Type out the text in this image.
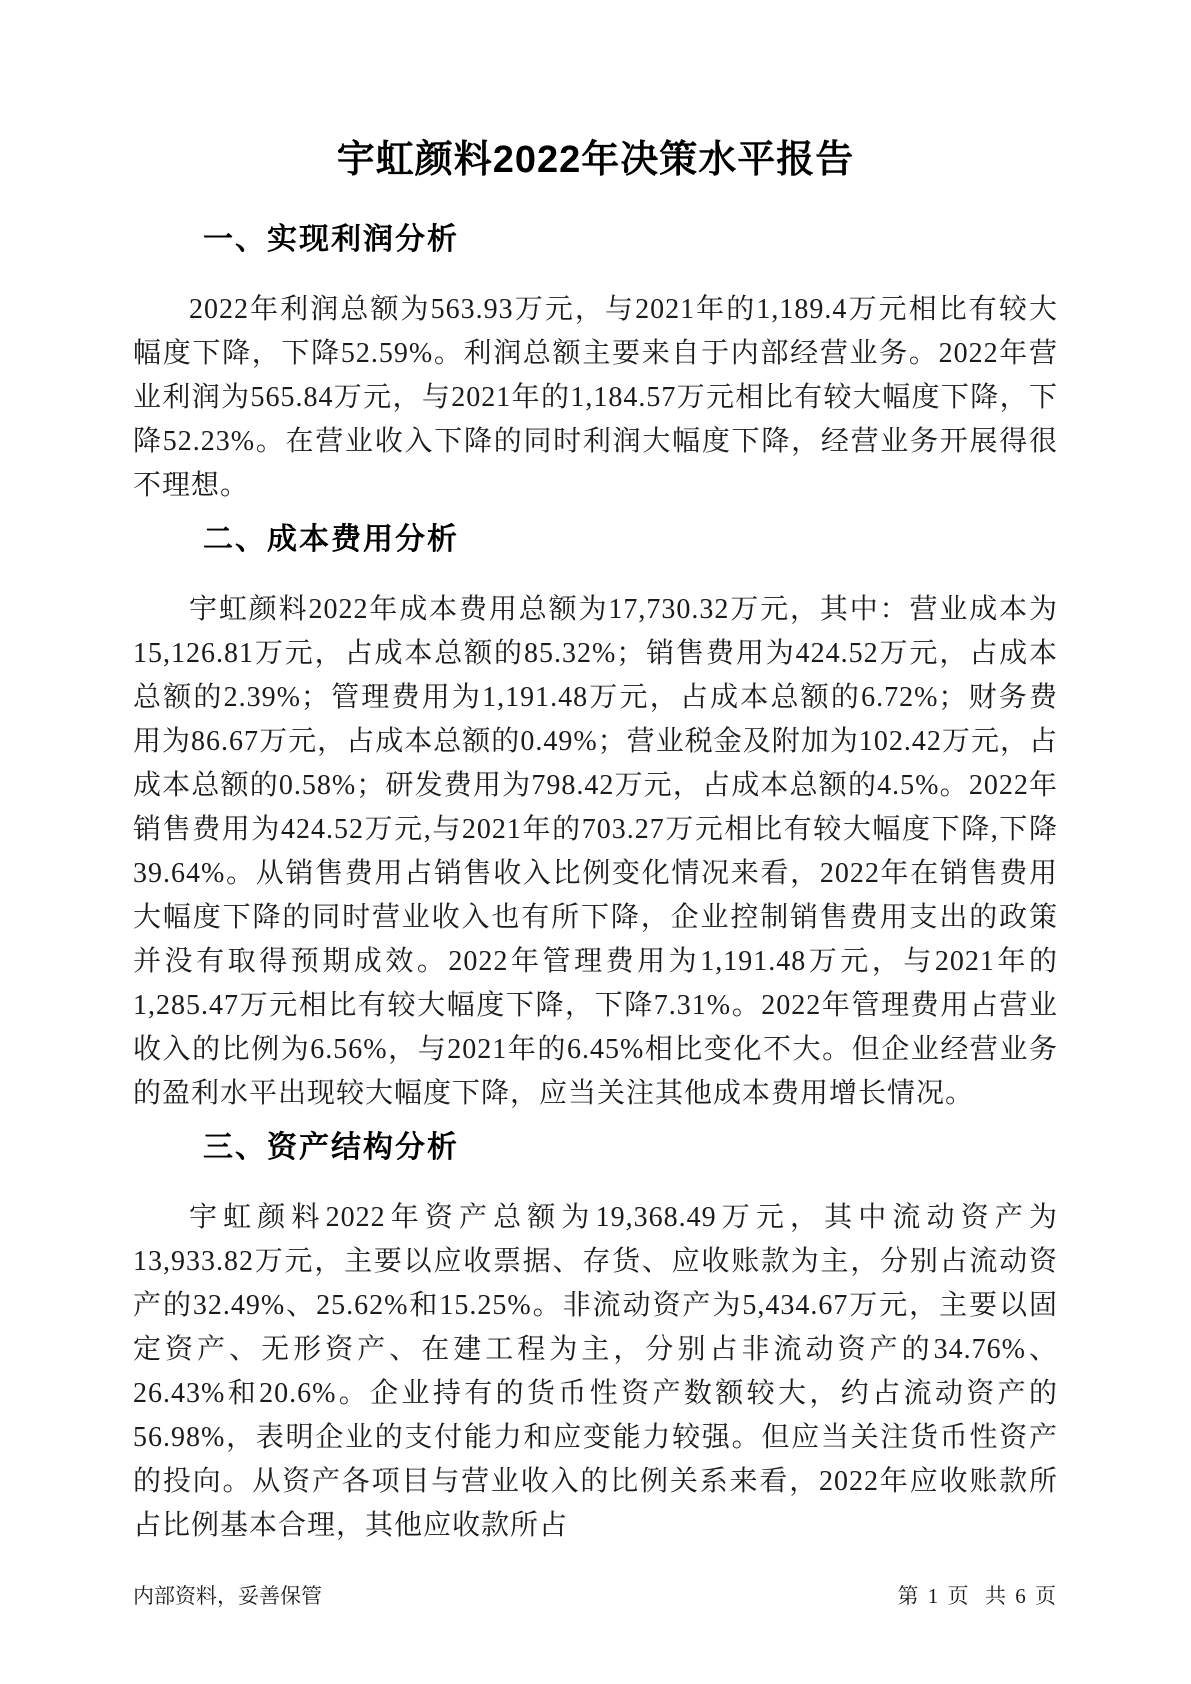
宇虹颜料2022年决策水平报告
一、实现利润分析

2022年利润总额为563.93万元，与2021年的1,189.4万元相比有较大幅度下降，下降52.59%。利润总额主要来自于内部经营业务。2022年营业利润为565.84万元，与2021年的1,184.57万元相比有较大幅度下降，下降52.23%。在营业收入下降的同时利润大幅度下降，经营业务开展得很不理想。

二、成本费用分析

宇虹颜料2022年成本费用总额为17,730.32万元，其中：营业成本为15,126.81万元，占成本总额的85.32%；销售费用为424.52万元，占成本总额的2.39%；管理费用为1,191.48万元，占成本总额的6.72%；财务费用为86.67万元，占成本总额的0.49%；营业税金及附加为102.42万元，占成本总额的0.58%；研发费用为798.42万元，占成本总额的4.5%。2022年销售费用为424.52万元,与2021年的703.27万元相比有较大幅度下降,下降39.64%。从销售费用占销售收入比例变化情况来看，2022年在销售费用大幅度下降的同时营业收入也有所下降，企业控制销售费用支出的政策并没有取得预期成效。2022年管理费用为1,191.48万元，与2021年的1,285.47万元相比有较大幅度下降，下降7.31%。2022年管理费用占营业收入的比例为6.56%，与2021年的6.45%相比变化不大。但企业经营业务的盈利水平出现较大幅度下降，应当关注其他成本费用增长情况。

三、资产结构分析

宇虹颜料2022年资产总额为19,368.49万元，其中流动资产为13,933.82万元，主要以应收票据、存货、应收账款为主，分别占流动资产的32.49%、25.62%和15.25%。非流动资产为5,434.67万元，主要以固定资产、无形资产、在建工程为主，分别占非流动资产的34.76%、26.43%和20.6%。企业持有的货币性资产数额较大，约占流动资产的56.98%，表明企业的支付能力和应变能力较强。但应当关注货币性资产的投向。从资产各项目与营业收入的比例关系来看，2022年应收账款所占比例基本合理，其他应收款所占

内部资料，妥善保管	第 1 页  共 6 页
